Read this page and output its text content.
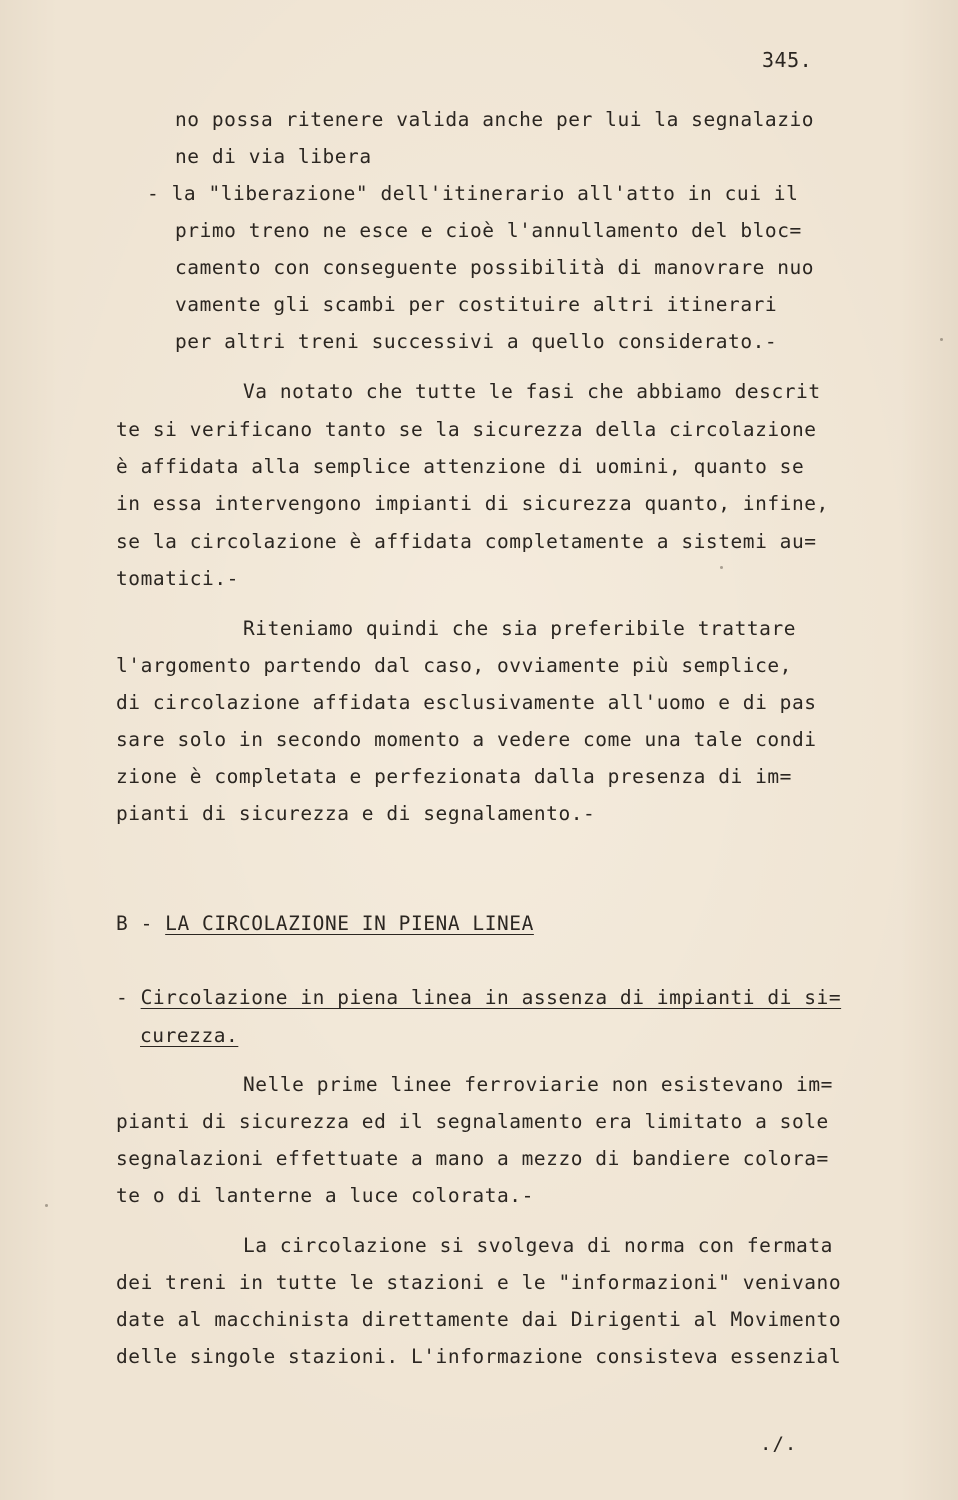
345.
no possa ritenere valida anche per lui la segnalazio
ne di via libera
- la "liberazione" dell'itinerario all'atto in cui il
primo treno ne esce e cioè l'annullamento del bloc=
camento con conseguente possibilità di manovrare nuo
vamente gli scambi per costituire altri itinerari
per altri treni successivi a quello considerato.-
Va notato che tutte le fasi che abbiamo descrit
te si verificano tanto se la sicurezza della circolazione
è affidata alla semplice attenzione di uomini, quanto se
in essa intervengono impianti di sicurezza quanto, infine,
se la circolazione è affidata completamente a sistemi au=
tomatici.-
Riteniamo quindi che sia preferibile trattare
l'argomento partendo dal caso, ovviamente più semplice,
di circolazione affidata esclusivamente all'uomo e di pas
sare solo in secondo momento a vedere come una tale condi
zione è completata e perfezionata dalla presenza di im=
pianti di sicurezza e di segnalamento.-
B - LA CIRCOLAZIONE IN PIENA LINEA
- Circolazione in piena linea in assenza di impianti di si=
curezza.
Nelle prime linee ferroviarie non esistevano im=
pianti di sicurezza ed il segnalamento era limitato a sole
segnalazioni effettuate a mano a mezzo di bandiere colora=
te o di lanterne a luce colorata.-
La circolazione si svolgeva di norma con fermata
dei treni in tutte le stazioni e le "informazioni" venivano
date al macchinista direttamente dai Dirigenti al Movimento
delle singole stazioni. L'informazione consisteva essenzial
./.
